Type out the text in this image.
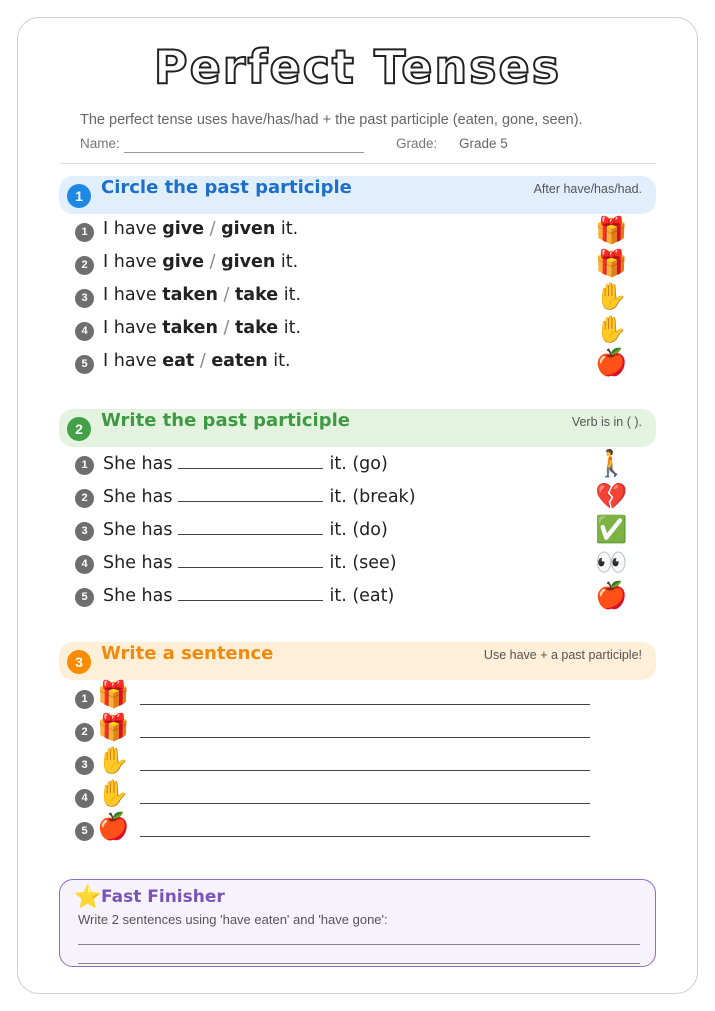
Perfect Tenses
The perfect tense uses have/has/had + the past participle (eaten, gone, seen).
Name:	Grade: Grade 5
1	Circle the past participle	After have/has/had.
1 I have give / given it.	🎁
2 I have give / given it.	🎁
3 I have taken / take it.	✋
4 I have taken / take it.	✋
5 I have eat / eaten it.	🍎
2	Write the past participle	Verb is in ( ).
1 She has	it. (go)	🚶
2 She has	it. (break)	💔
3 She has	it. (do)	✅
4 She has	it. (see)	👀
5 She has	it. (eat)	🍎
3	Write a sentence	Use have + a past participle!
1 🎁
2 🎁
3 ✋
4 ✋
5 🍎
⭐ Fast Finisher
Write 2 sentences using 'have eaten' and 'have gone':
